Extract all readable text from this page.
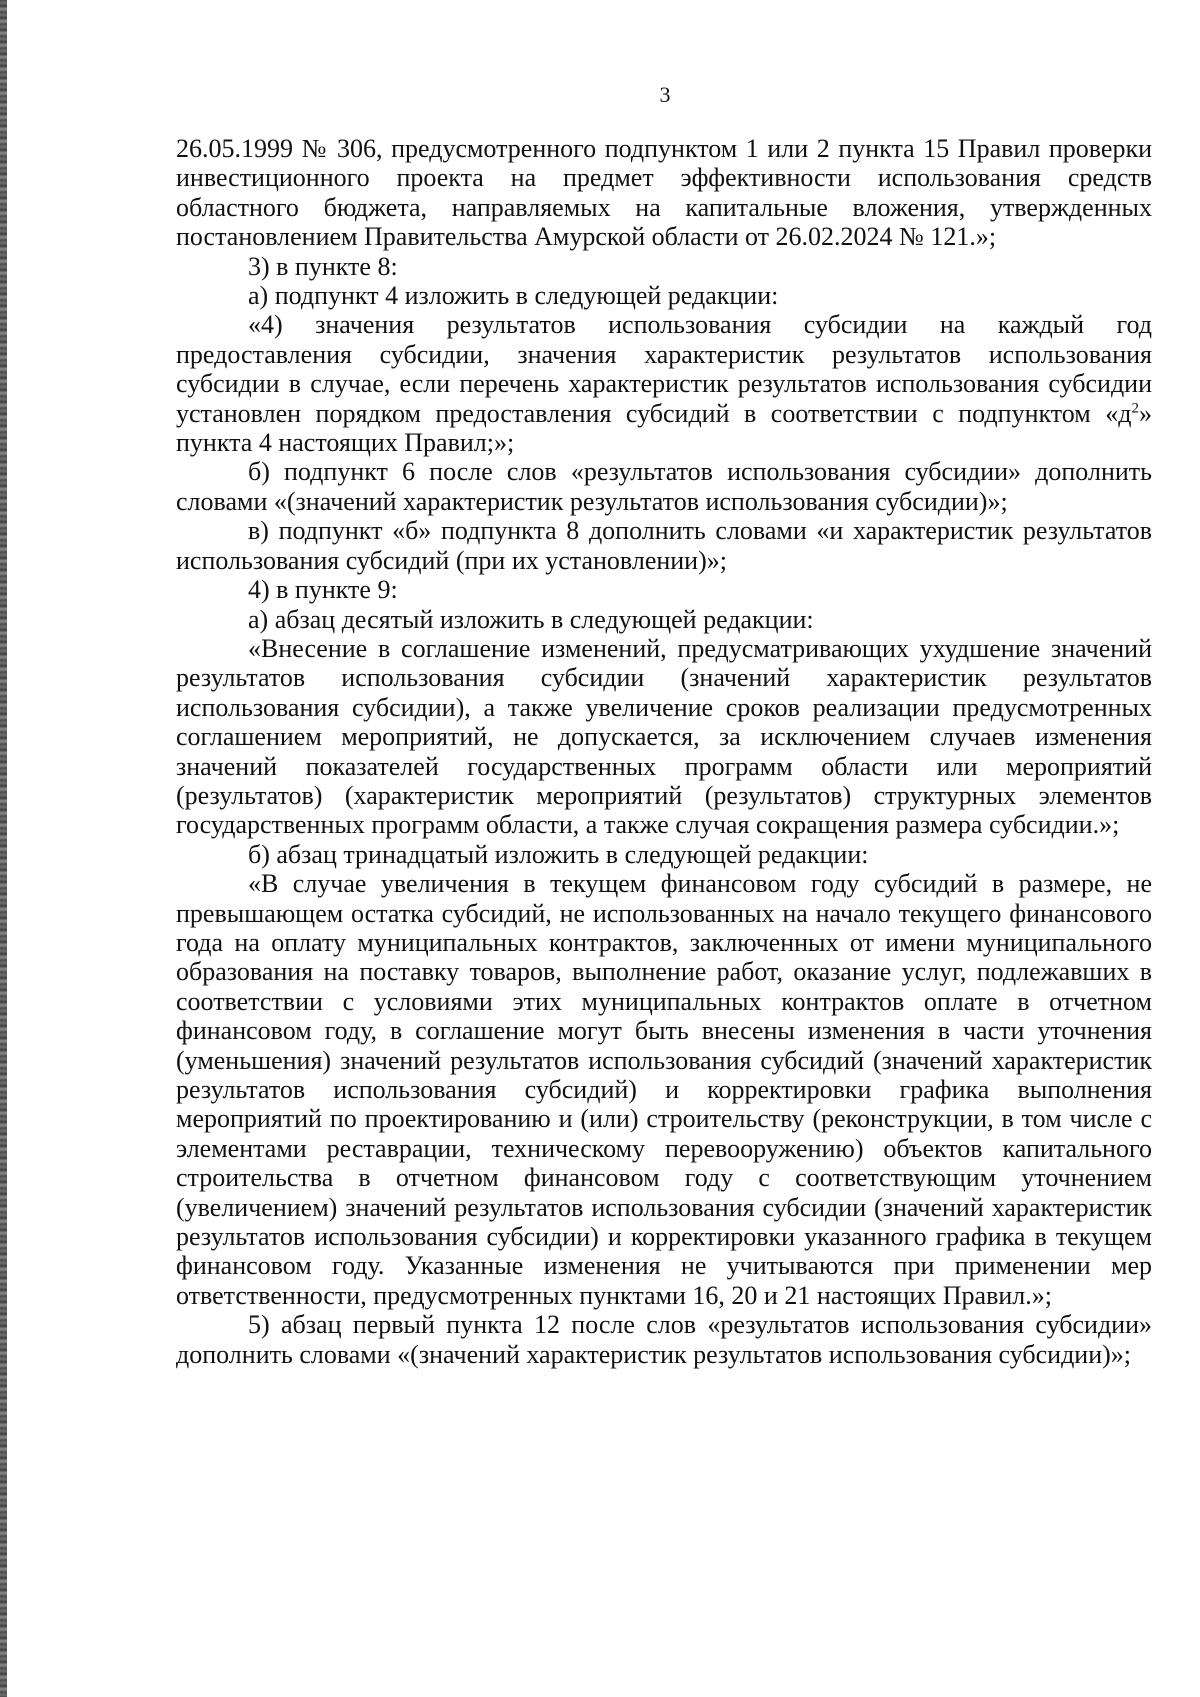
3

26.05.1999 № 306, предусмотренного подпунктом 1 или 2 пункта 15 Правил проверки инвестиционного проекта на предмет эффективности использования средств областного бюджета, направляемых на капитальные вложения, утвержденных постановлением Правительства Амурской области от 26.02.2024 № 121.»;

3) в пункте 8:

а) подпункт 4 изложить в следующей редакции:

«4) значения результатов использования субсидии на каждый год предоставления субсидии, значения характеристик результатов использования субсидии в случае, если перечень характеристик результатов использования субсидии установлен порядком предоставления субсидий в соответствии с подпунктом «$д^2$» пункта 4 настоящих Правил;»;

б) подпункт 6 после слов «результатов использования субсидии» дополнить словами «(значений характеристик результатов использования субсидии)»;

в) подпункт «б» подпункта 8 дополнить словами «и характеристик результатов использования субсидий (при их установлении)»;

4) в пункте 9:

а) абзац десятый изложить в следующей редакции:

«Внесение в соглашение изменений, предусматривающих ухудшение значений результатов использования субсидии (значений характеристик результатов использования субсидии), а также увеличение сроков реализации предусмотренных соглашением мероприятий, не допускается, за исключением случаев изменения значений показателей государственных программ области или мероприятий (результатов) (характеристик мероприятий (результатов) структурных элементов государственных программ области, а также случая сокращения размера субсидии.»;

б) абзац тринадцатый изложить в следующей редакции:

«В случае увеличения в текущем финансовом году субсидий в размере, не превышающем остатка субсидий, не использованных на начало текущего финансового года на оплату муниципальных контрактов, заключенных от имени муниципального образования на поставку товаров, выполнение работ, оказание услуг, подлежавших в соответствии с условиями этих муниципальных контрактов оплате в отчетном финансовом году, в соглашение могут быть внесены изменения в части уточнения (уменьшения) значений результатов использования субсидий (значений характеристик результатов использования субсидий) и корректировки графика выполнения мероприятий по проектированию и (или) строительству (реконструкции, в том числе с элементами реставрации, техническому перевооружению) объектов капитального строительства в отчетном финансовом году с соответствующим уточнением (увеличением) значений результатов использования субсидии (значений характеристик результатов использования субсидии) и корректировки указанного графика в текущем финансовом году. Указанные изменения не учитываются при применении мер ответственности, предусмотренных пунктами 16, 20 и 21 настоящих Правил.»;

5) абзац первый пункта 12 после слов «результатов использования субсидии» дополнить словами «(значений характеристик результатов использования субсидии)»;
